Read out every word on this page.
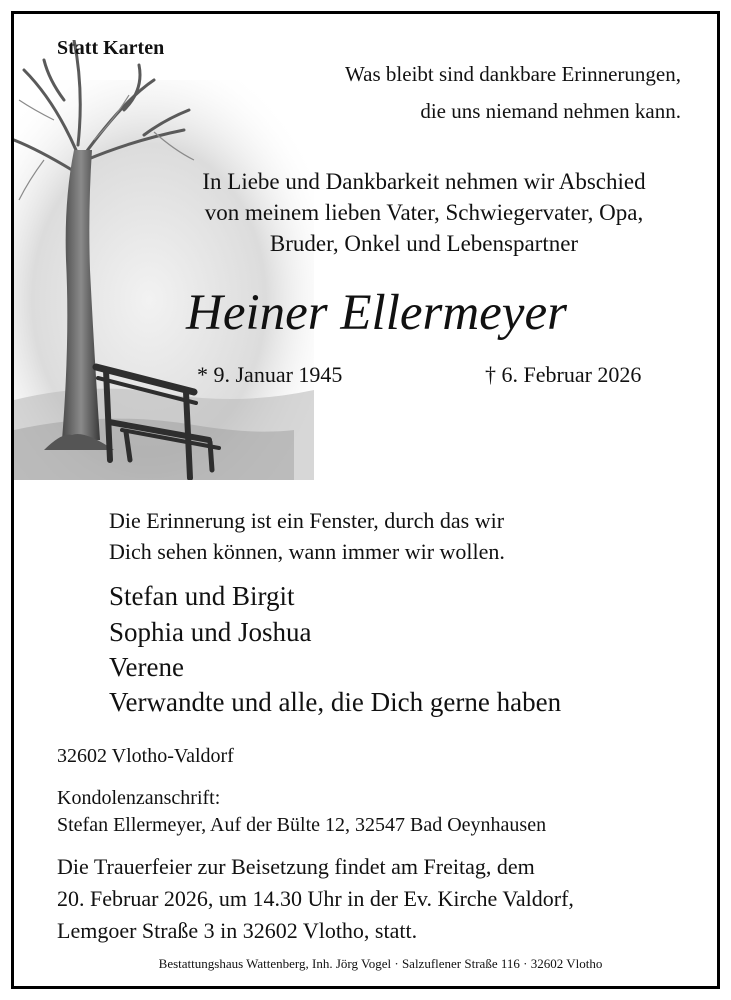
Statt Karten
Was bleibt sind dankbare Erinnerungen,
die uns niemand nehmen kann.
In Liebe und Dankbarkeit nehmen wir Abschied
von meinem lieben Vater, Schwiegervater, Opa,
Bruder, Onkel und Lebenspartner
Heiner Ellermeyer
* 9. Januar 1945	† 6. Februar 2026
Die Erinnerung ist ein Fenster, durch das wir
Dich sehen können, wann immer wir wollen.
Stefan und Birgit
Sophia und Joshua
Verene
Verwandte und alle, die Dich gerne haben
32602 Vlotho-Valdorf
Kondolenzanschrift:
Stefan Ellermeyer, Auf der Bülte 12, 32547 Bad Oeynhausen
Die Trauerfeier zur Beisetzung findet am Freitag, dem
20. Februar 2026, um 14.30 Uhr in der Ev. Kirche Valdorf,
Lemgoer Straße 3 in 32602 Vlotho, statt.
Bestattungshaus Wattenberg, Inh. Jörg Vogel · Salzuflener Straße 116 · 32602 Vlotho
